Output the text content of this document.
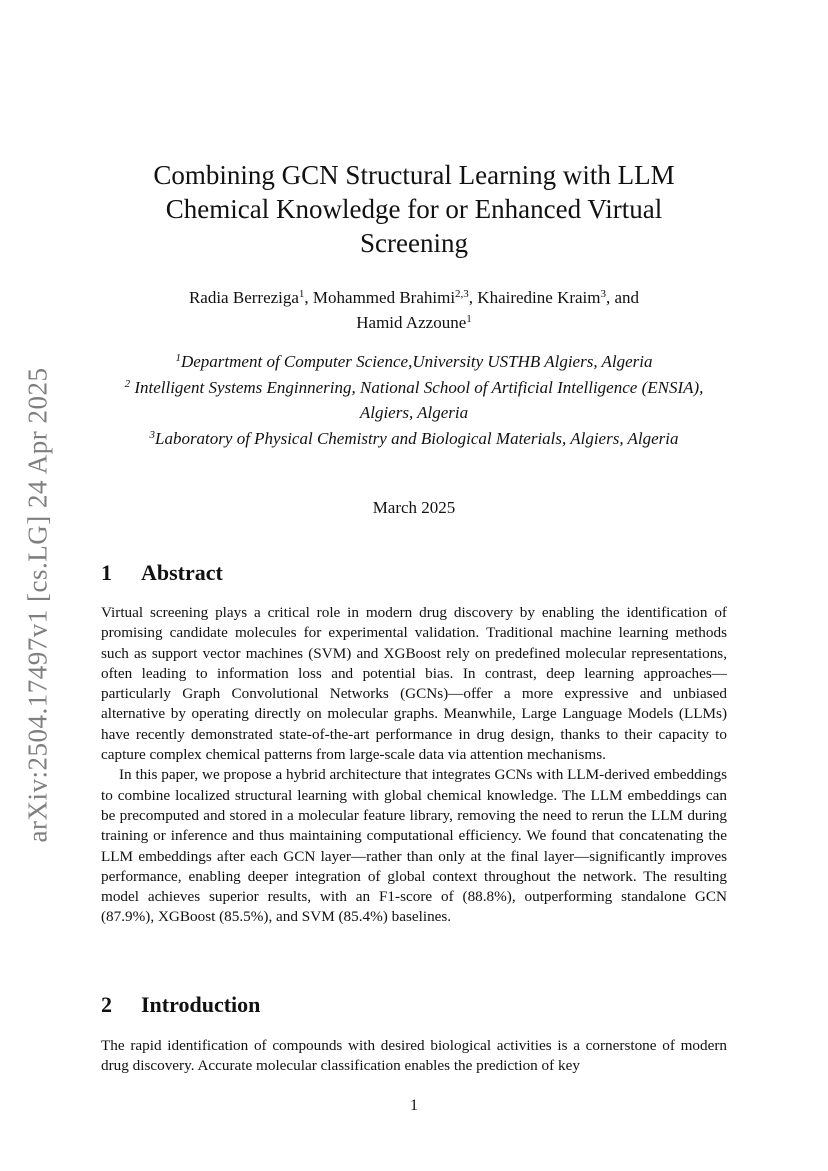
arXiv:2504.17497v1 [cs.LG] 24 Apr 2025
Combining GCN Structural Learning with LLM Chemical Knowledge for or Enhanced Virtual Screening
Radia Berreziga$^1$, Mohammed Brahimi$^{2,3}$, Khairedine Kraim$^3$, and
Hamid Azzoune$^1$
$^1$Department of Computer Science,University USTHB Algiers, Algeria
$^2$ Intelligent Systems Enginnering, National School of Artificial Intelligence (ENSIA), Algiers, Algeria
$^3$Laboratory of Physical Chemistry and Biological Materials, Algiers, Algeria
March 2025
1 Abstract

Virtual screening plays a critical role in modern drug discovery by enabling the identification of promising candidate molecules for experimental validation. Traditional machine learning methods such as support vector machines (SVM) and XGBoost rely on predefined molecular representations, often leading to information loss and potential bias. In contrast, deep learning approaches—particularly Graph Convolutional Networks (GCNs)—offer a more expressive and unbiased alternative by operating directly on molecular graphs. Meanwhile, Large Language Models (LLMs) have recently demonstrated state-of-the-art performance in drug design, thanks to their capacity to capture complex chemical patterns from large-scale data via attention mechanisms.

In this paper, we propose a hybrid architecture that integrates GCNs with LLM-derived embeddings to combine localized structural learning with global chemical knowledge. The LLM embeddings can be precomputed and stored in a molecular feature library, removing the need to rerun the LLM during training or inference and thus maintaining computational efficiency. We found that concatenating the LLM embeddings after each GCN layer—rather than only at the final layer—significantly improves performance, enabling deeper integration of global context throughout the network. The resulting model achieves superior results, with an F1-score of (88.8%), outperforming standalone GCN (87.9%), XGBoost (85.5%), and SVM (85.4%) baselines.

2 Introduction

The rapid identification of compounds with desired biological activities is a cornerstone of modern drug discovery. Accurate molecular classification enables the prediction of key

1
